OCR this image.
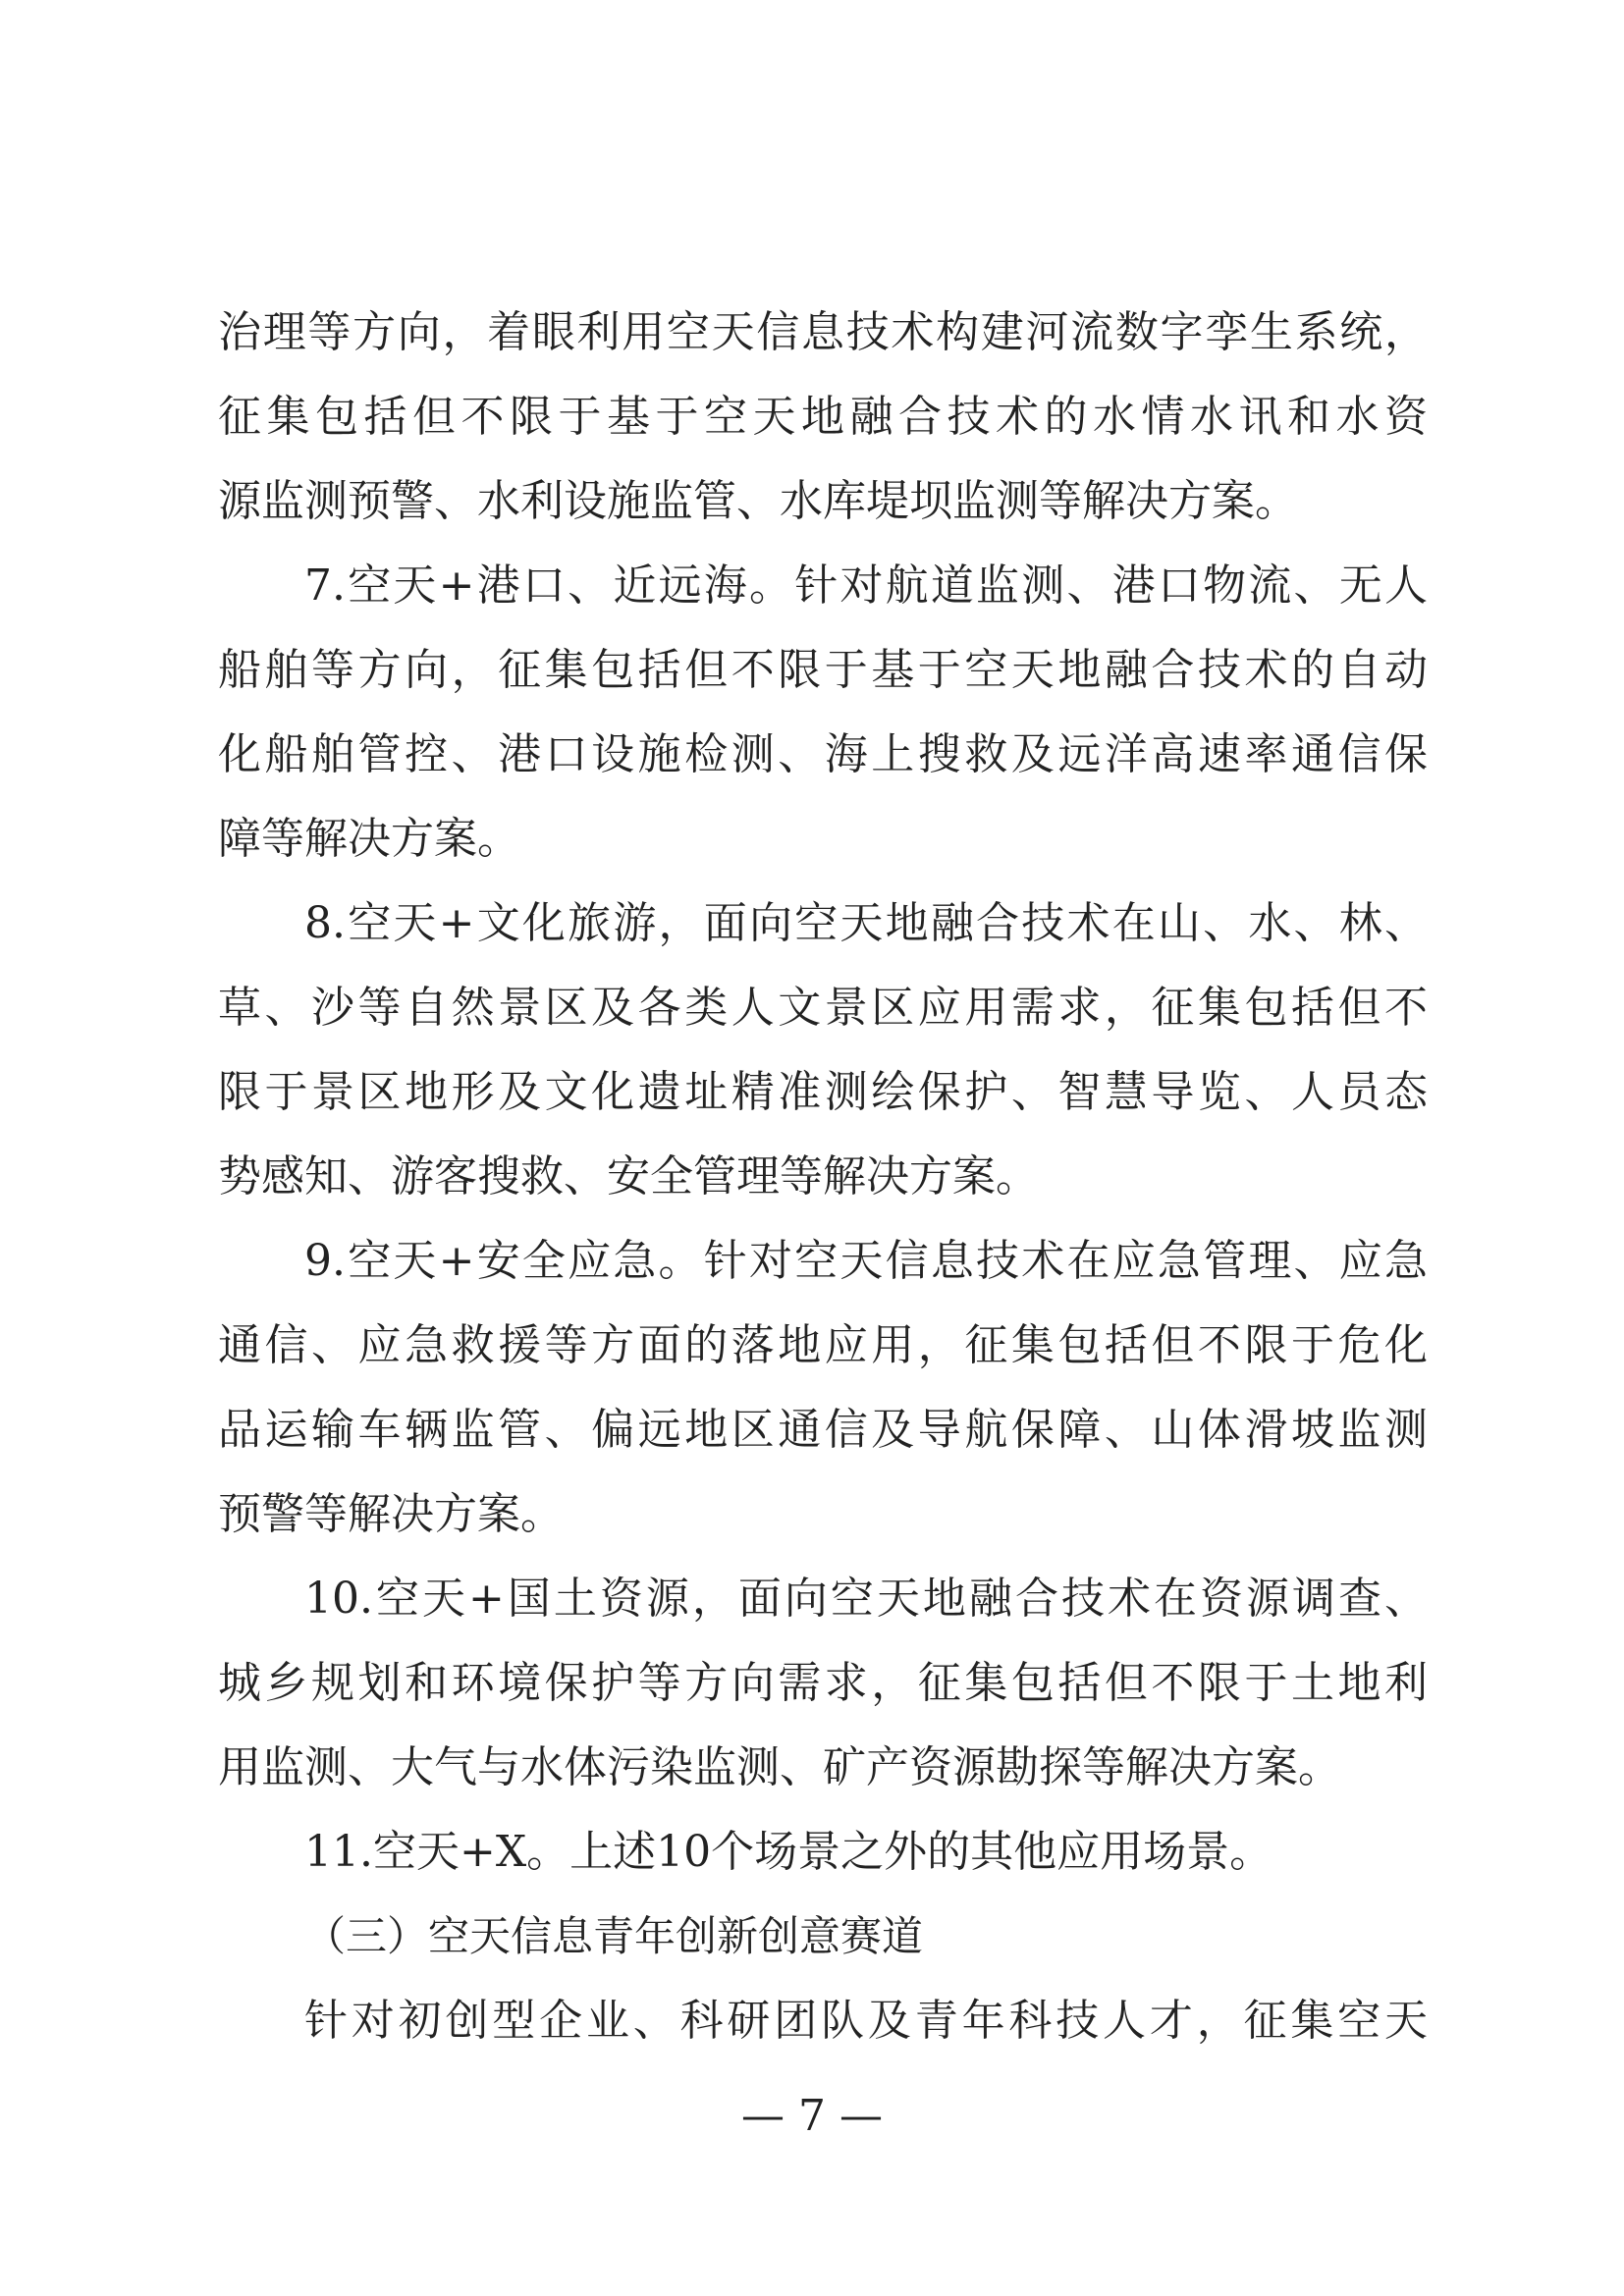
治理等方向，着眼利用空天信息技术构建河流数字孪生系统，
征集包括但不限于基于空天地融合技术的水情水讯和水资
源监测预警、水利设施监管、水库堤坝监测等解决方案。
7.空天+港口、近远海。针对航道监测、港口物流、无人
船舶等方向，征集包括但不限于基于空天地融合技术的自动
化船舶管控、港口设施检测、海上搜救及远洋高速率通信保
障等解决方案。
8.空天+文化旅游，面向空天地融合技术在山、水、林、
草、沙等自然景区及各类人文景区应用需求，征集包括但不
限于景区地形及文化遗址精准测绘保护、智慧导览、人员态
势感知、游客搜救、安全管理等解决方案。
9.空天+安全应急。针对空天信息技术在应急管理、应急
通信、应急救援等方面的落地应用，征集包括但不限于危化
品运输车辆监管、偏远地区通信及导航保障、山体滑坡监测
预警等解决方案。
10.空天+国土资源，面向空天地融合技术在资源调查、
城乡规划和环境保护等方向需求，征集包括但不限于土地利
用监测、大气与水体污染监测、矿产资源勘探等解决方案。
11.空天+X。上述10个场景之外的其他应用场景。
（三）空天信息青年创新创意赛道
针对初创型企业、科研团队及青年科技人才，征集空天
— 7 —
